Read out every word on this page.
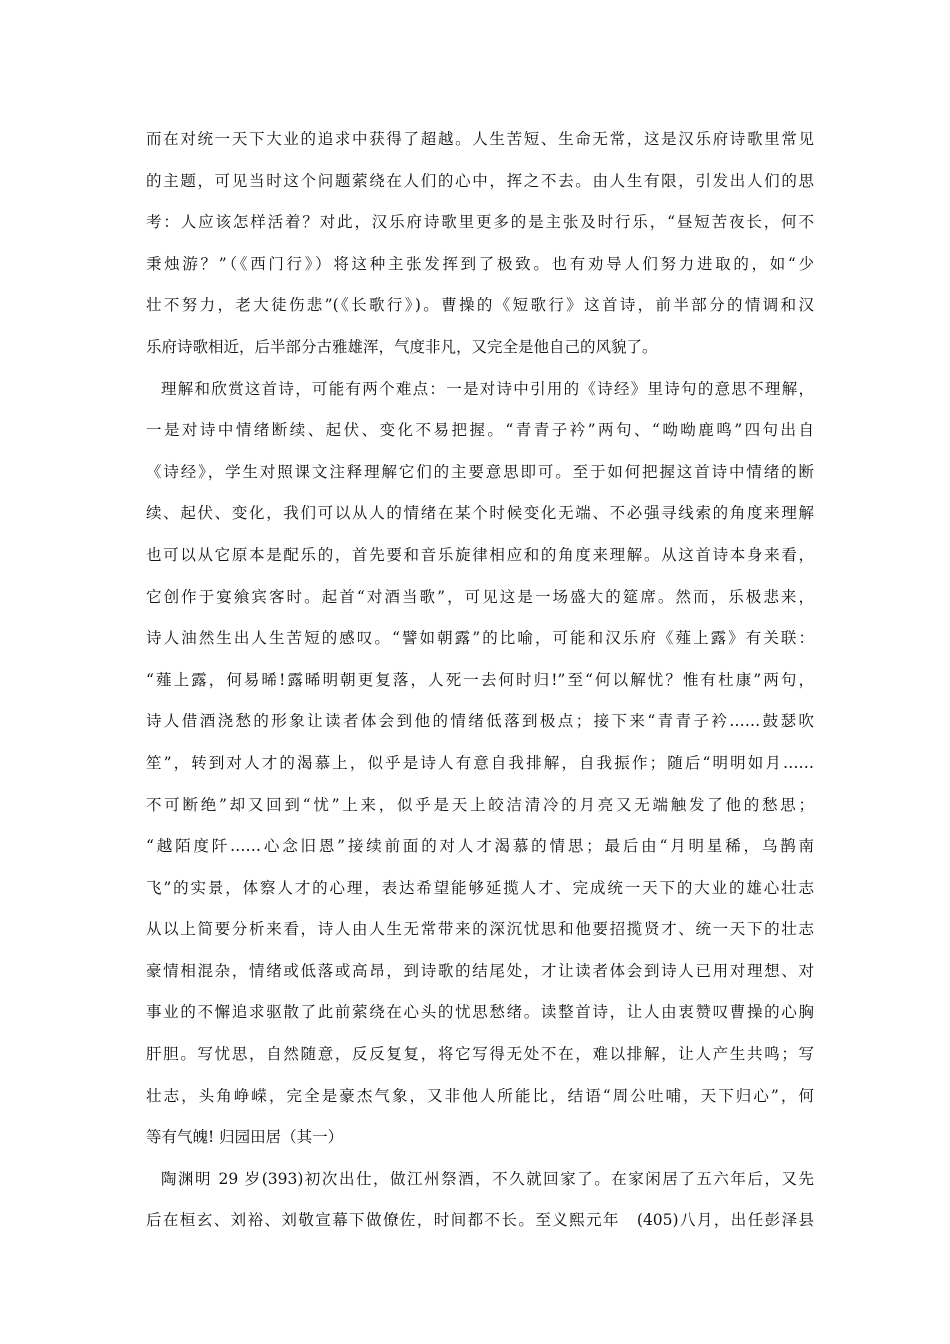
而在对统一天下大业的追求中获得了超越。人生苦短、生命无常，这是汉乐府诗歌里常见
的主题，可见当时这个问题萦绕在人们的心中，挥之不去。由人生有限，引发出人们的思
考：人应该怎样活着？对此，汉乐府诗歌里更多的是主张及时行乐，“昼短苦夜长，何不
秉烛游？”（《西门行》）将这种主张发挥到了极致。也有劝导人们努力进取的，如“少
壮不努力，老大徒伤悲”(《长歌行》)。曹操的《短歌行》这首诗，前半部分的情调和汉
乐府诗歌相近，后半部分古雅雄浑，气度非凡，又完全是他自己的风貌了。
理解和欣赏这首诗，可能有两个难点：一是对诗中引用的《诗经》里诗句的意思不理解，
一是对诗中情绪断续、起伏、变化不易把握。“青青子衿”两句、“呦呦鹿鸣”四句出自
《诗经》，学生对照课文注释理解它们的主要意思即可。至于如何把握这首诗中情绪的断
续、起伏、变化，我们可以从人的情绪在某个时候变化无端、不必强寻线索的角度来理解
也可以从它原本是配乐的，首先要和音乐旋律相应和的角度来理解。从这首诗本身来看，
它创作于宴飨宾客时。起首“对酒当歌”，可见这是一场盛大的筵席。然而，乐极悲来，
诗人油然生出人生苦短的感叹。“譬如朝露”的比喻，可能和汉乐府《薤上露》有关联：
“薤上露，何易晞!露晞明朝更复落，人死一去何时归!”至“何以解忧？惟有杜康”两句，
诗人借酒浇愁的形象让读者体会到他的情绪低落到极点；接下来“青青子衿……鼓瑟吹
笙”，转到对人才的渴慕上，似乎是诗人有意自我排解，自我振作；随后“明明如月……
不可断绝”却又回到“忧”上来，似乎是天上皎洁清冷的月亮又无端触发了他的愁思；
“越陌度阡……心念旧恩”接续前面的对人才渴慕的情思；最后由“月明星稀，乌鹊南
飞”的实景，体察人才的心理，表达希望能够延揽人才、完成统一天下的大业的雄心壮志
从以上简要分析来看，诗人由人生无常带来的深沉忧思和他要招揽贤才、统一天下的壮志
豪情相混杂，情绪或低落或高昂，到诗歌的结尾处，才让读者体会到诗人已用对理想、对
事业的不懈追求驱散了此前萦绕在心头的忧思愁绪。读整首诗，让人由衷赞叹曹操的心胸
肝胆。写忧思，自然随意，反反复复，将它写得无处不在，难以排解，让人产生共鸣；写
壮志，头角峥嵘，完全是豪杰气象，又非他人所能比，结语“周公吐哺，天下归心”，何
等有气魄! 归园田居（其一）
陶渊明 29 岁(393)初次出仕，做江州祭酒，不久就回家了。在家闲居了五六年后，又先
后在桓玄、刘裕、刘敬宣幕下做僚佐，时间都不长。至义熙元年　(405)八月，出任彭泽县
